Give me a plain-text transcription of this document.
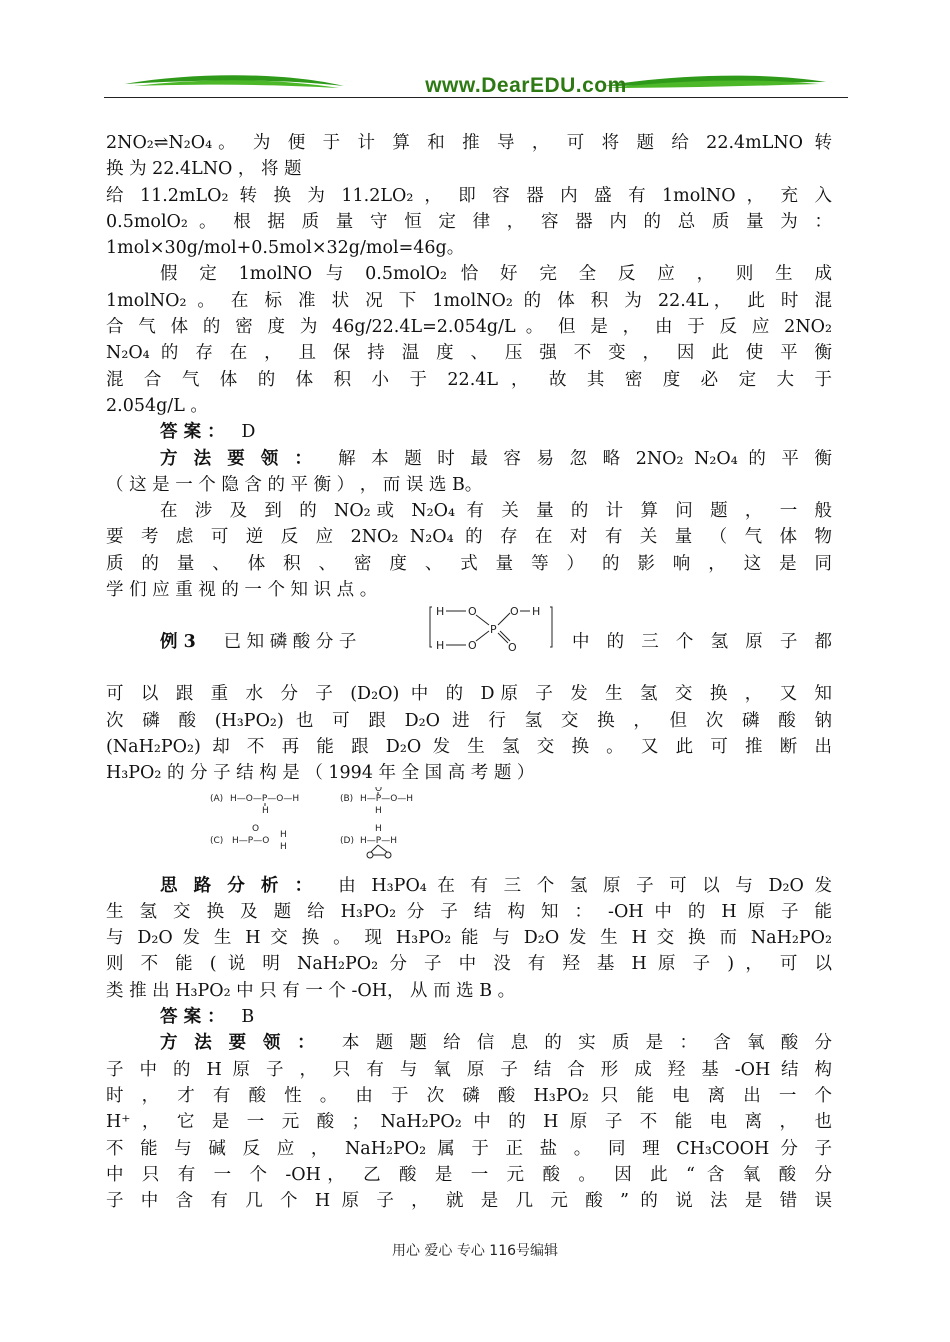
www.DearEDU.com
2NO₂⇌N₂O₄。 为 便 于 计 算 和 推 导 ， 可 将 题 给 22.4mLNO 转
换 为 22.4LNO ， 将 题
给 11.2mLO₂ 转 换 为 11.2LO₂ ， 即 容 器 内 盛 有 1molNO ， 充 入
0.5molO₂ 。 根 据 质 量 守 恒 定 律 ， 容 器 内 的 总 质 量 为 ：
1mol×30g/mol+0.5mol×32g/mol=46g。
假 定 1molNO 与 0.5molO₂ 恰 好 完 全 反 应 ， 则 生 成
1molNO₂ 。 在 标 准 状 况 下 1molNO₂ 的 体 积 为 22.4L， 此 时 混
合 气 体 的 密 度 为 46g/22.4L=2.054g/L 。 但 是 ， 由 于 反 应 2NO₂
N₂O₄ 的 存 在 ， 且 保 持 温 度 、 压 强 不 变 ， 因 此 使 平 衡
混 合 气 体 的 体 积 小 于 22.4L ， 故 其 密 度 必 定 大 于
2.054g/L 。
答 案 ： D
方 法 要 领 ： 解 本 题 时 最 容 易 忽 略 2NO₂ N₂O₄ 的 平 衡
（ 这 是 一 个 隐 含 的 平 衡 ） ， 而 误 选 B。
在 涉 及 到 的 NO₂或 N₂O₄ 有 关 量 的 计 算 问 题 ， 一 般
要 考 虑 可 逆 反 应 2NO₂ N₂O₄ 的 存 在 对 有 关 量 （ 气 体 物
质 的 量 、 体 积 、 密 度 、 式 量 等 ） 的 影 响 ， 这 是 同
学 们 应 重 视 的 一 个 知 识 点 。
H O	O H
P
H O	O
例 3 已 知 磷 酸 分 子	中 的 三 个 氢 原 子 都
可 以 跟 重 水 分 子 (D₂O) 中 的 D原 子 发 生 氢 交 换 ， 又 知
次 磷 酸 (H₃PO₂) 也 可 跟 D₂O 进 行 氢 交 换 ， 但 次 磷 酸 钠
(NaH₂PO₂) 却 不 再 能 跟 D₂O 发 生 氢 交 换 。 又 此 可 推 断 出
H₃PO₂ 的 分 子 结 构 是 （ 1994 年 全 国 高 考 题 ）
(A) H—O—P—O—H
H
(B) H—P—O—H
O
H
(C) H—P—O
O
H
H
(D) H—P—H
H
思 路 分 析 ： 由 H₃PO₄ 在 有 三 个 氢 原 子 可 以 与 D₂O 发
生 氢 交 换 及 题 给 H₃PO₂ 分 子 结 构 知 ： -OH 中 的 H 原 子 能
与 D₂O 发 生 H 交 换 。 现 H₃PO₂ 能 与 D₂O 发 生 H 交 换 而 NaH₂PO₂
则 不 能 ( 说 明 NaH₂PO₂ 分 子 中 没 有 羟 基 H 原 子 ) ， 可 以
类 推 出 H₃PO₂ 中 只 有 一 个 -OH， 从 而 选 B 。
答 案 ： B
方 法 要 领 ： 本 题 题 给 信 息 的 实 质 是 ： 含 氧 酸 分
子 中 的 H 原 子 ， 只 有 与 氧 原 子 结 合 形 成 羟 基 -OH 结 构
时 ， 才 有 酸 性 。 由 于 次 磷 酸 H₃PO₂ 只 能 电 离 出 一 个
H⁺ ， 它 是 一 元 酸 ； NaH₂PO₂ 中 的 H 原 子 不 能 电 离 ， 也
不 能 与 碱 反 应 ， NaH₂PO₂ 属 于 正 盐 。 同 理 CH₃COOH 分 子
中 只 有 一 个 -OH， 乙 酸 是 一 元 酸 。 因 此 “ 含 氧 酸 分
子 中 含 有 几 个 H 原 子 ， 就 是 几 元 酸 ” 的 说 法 是 错 误
用心 爱心 专心 116号编辑
